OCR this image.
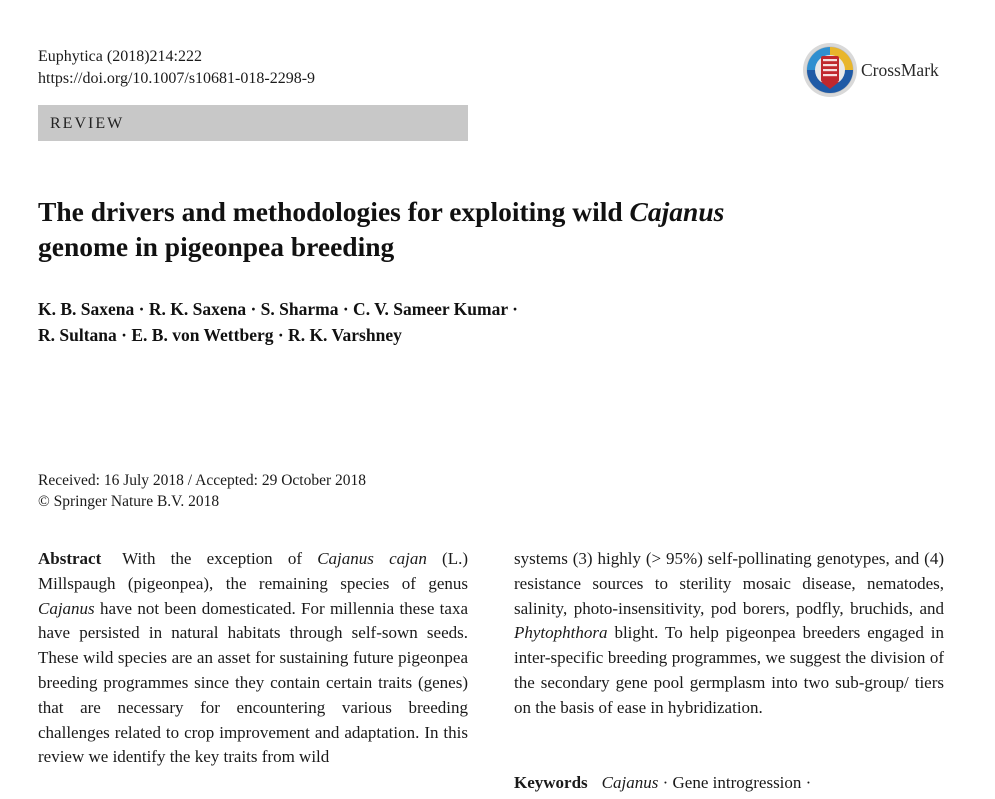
Euphytica (2018)214:222
https://doi.org/10.1007/s10681-018-2298-9	CrossMark
REVIEW
The drivers and methodologies for exploiting wild Cajanus
genome in pigeonpea breeding
K. B. Saxena · R. K. Saxena · S. Sharma · C. V. Sameer Kumar ·
R. Sultana · E. B. von Wettberg · R. K. Varshney
Received: 16 July 2018 / Accepted: 29 October 2018
© Springer Nature B.V. 2018
Abstract With the exception of Cajanus cajan (L.) Millspaugh (pigeonpea), the remaining species of genus Cajanus have not been domesticated. For millennia these taxa have persisted in natural habitats through self-sown seeds. These wild species are an asset for sustaining future pigeonpea breeding programmes since they contain certain traits (genes) that are necessary for encountering various breeding challenges related to crop improvement and adaptation. In this review we identify the key traits from wild
systems (3) highly (> 95%) self-pollinating genotypes, and (4) resistance sources to sterility mosaic disease, nematodes, salinity, photo-insensitivity, pod borers, podfly, bruchids, and Phytophthora blight. To help pigeonpea breeders engaged in inter-specific breeding programmes, we suggest the division of the secondary gene pool germplasm into two sub-group/ tiers on the basis of ease in hybridization.
Keywords Cajanus · Gene introgression ·
